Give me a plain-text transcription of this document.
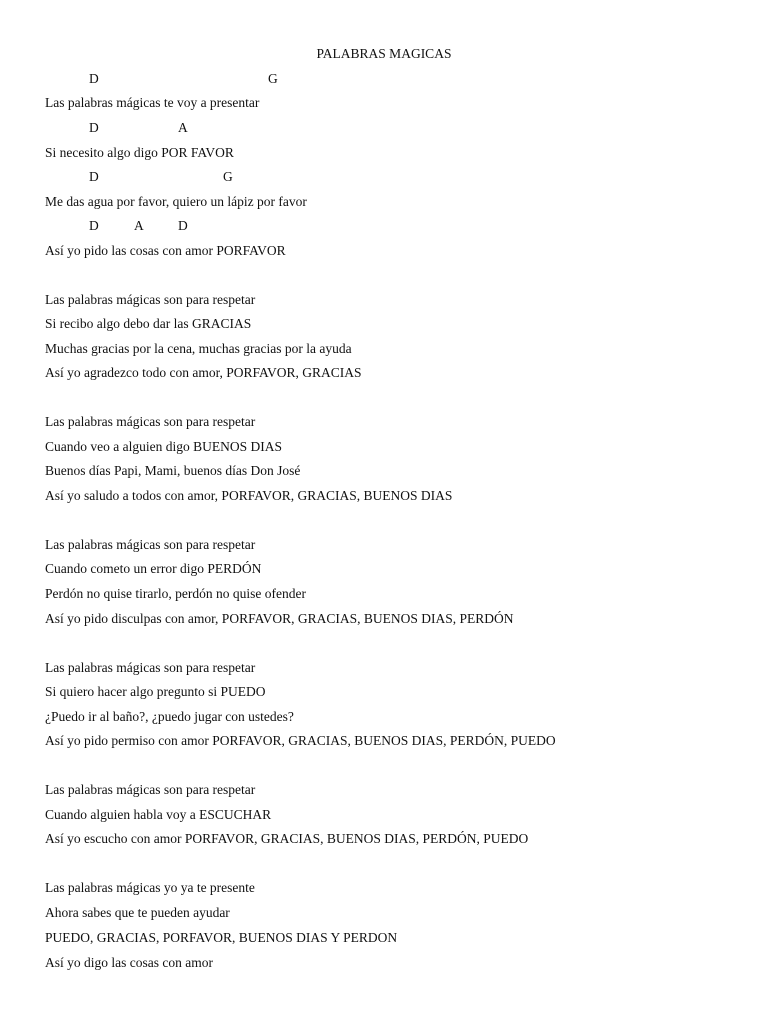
PALABRAS MAGICAS
D	G
Las palabras mágicas te voy a presentar
D	A
Si necesito algo digo POR FAVOR
D	G
Me das agua por favor, quiero un lápiz por favor
D	A	D
Así yo pido las cosas con amor PORFAVOR
Las palabras mágicas son para respetar
Si recibo algo debo dar las GRACIAS
Muchas gracias por la cena, muchas gracias por la ayuda
Así yo agradezco todo con amor, PORFAVOR, GRACIAS
Las palabras mágicas son para respetar
Cuando veo a alguien digo BUENOS DIAS
Buenos días Papi, Mami, buenos días Don José
Así yo saludo a todos con amor, PORFAVOR, GRACIAS, BUENOS DIAS
Las palabras mágicas son para respetar
Cuando cometo un error digo PERDÓN
Perdón no quise tirarlo, perdón no quise ofender
Así yo pido disculpas con amor, PORFAVOR, GRACIAS, BUENOS DIAS, PERDÓN
Las palabras mágicas son para respetar
Si quiero hacer algo pregunto si PUEDO
¿Puedo ir al baño?, ¿puedo jugar con ustedes?
Así yo pido permiso con amor PORFAVOR, GRACIAS, BUENOS DIAS, PERDÓN, PUEDO
Las palabras mágicas son para respetar
Cuando alguien habla voy a ESCUCHAR
Así yo escucho con amor PORFAVOR, GRACIAS, BUENOS DIAS, PERDÓN, PUEDO
Las palabras mágicas yo ya te presente
Ahora sabes que te pueden ayudar
PUEDO, GRACIAS, PORFAVOR, BUENOS DIAS Y PERDON
Así yo digo las cosas con amor
